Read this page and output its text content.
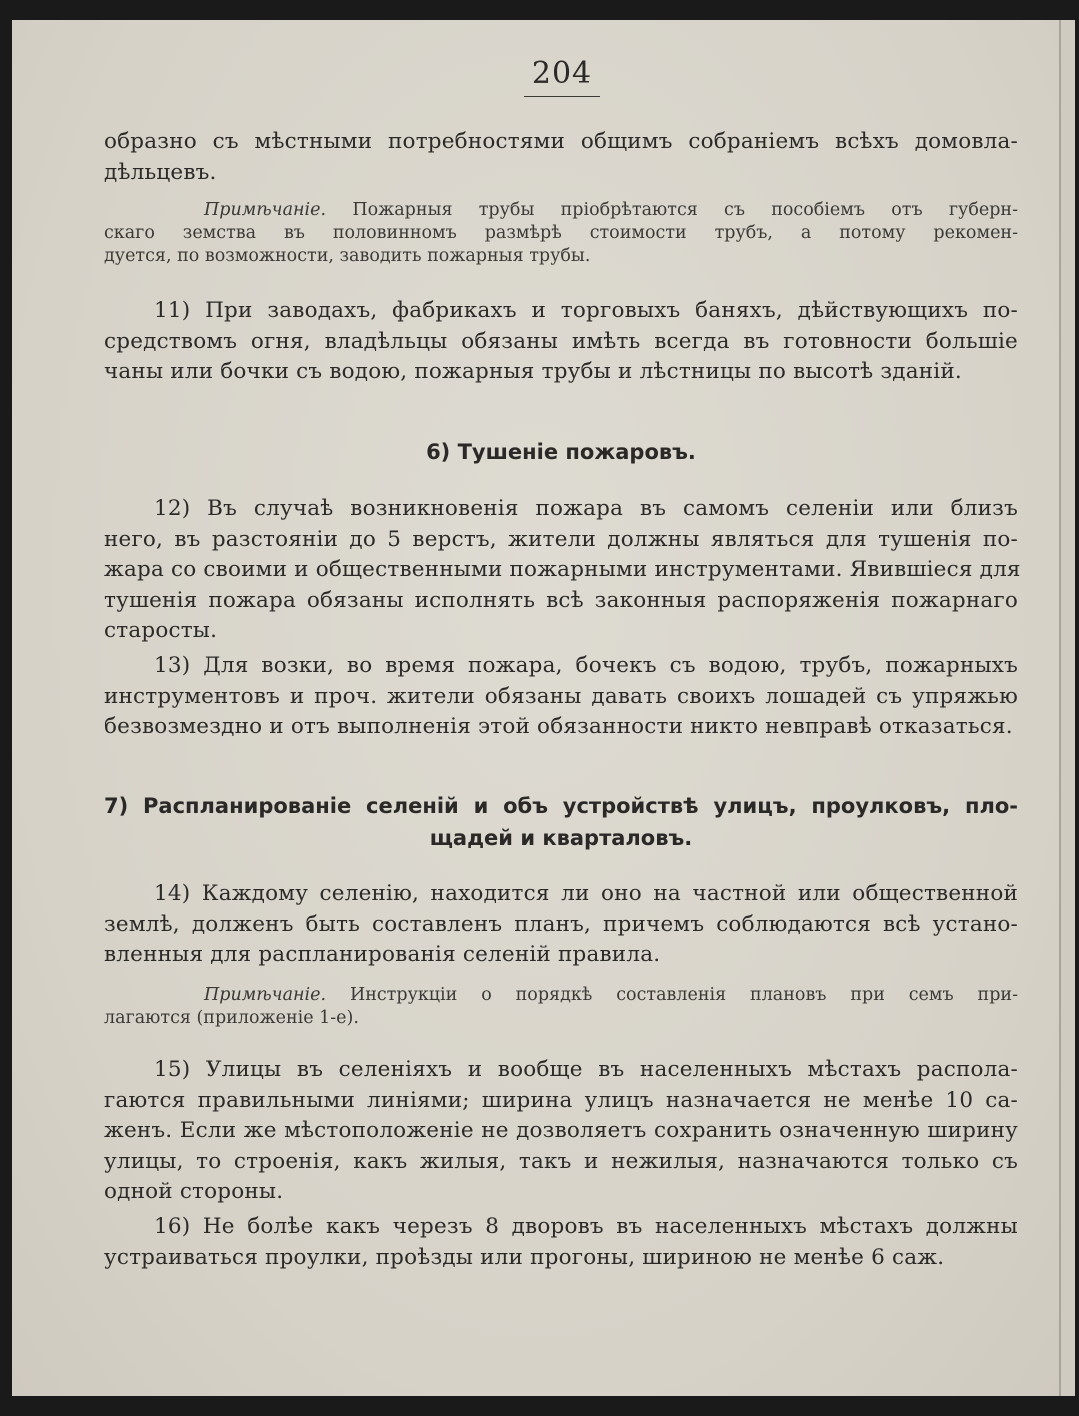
204
образно съ мѣстными потребностями общимъ собраніемъ всѣхъ домовла-
дѣльцевъ.
Примѣчаніе. Пожарныя трубы пріобрѣтаются съ пособіемъ отъ губерн-
скаго земства въ половинномъ размѣрѣ стоимости трубъ, а потому рекомен-
дуется, по возможности, заводить пожарныя трубы.
11) При заводахъ, фабрикахъ и торговыхъ баняхъ, дѣйствующихъ по-
средствомъ огня, владѣльцы обязаны имѣть всегда въ готовности большіе
чаны или бочки съ водою, пожарныя трубы и лѣстницы по высотѣ зданій.
6) Тушеніе пожаровъ.
12) Въ случаѣ возникновенія пожара въ самомъ селеніи или близъ
него, въ разстояніи до 5 верстъ, жители должны являться для тушенія по-
жара со своими и общественными пожарными инструментами. Явившіеся для
тушенія пожара обязаны исполнять всѣ законныя распоряженія пожарнаго
старосты.
13) Для возки, во время пожара, бочекъ съ водою, трубъ, пожарныхъ
инструментовъ и проч. жители обязаны давать своихъ лошадей съ упряжью
безвозмездно и отъ выполненія этой обязанности никто невправѣ отказаться.
7) Распланированіе селеній и объ устройствѣ улицъ, проулковъ, пло-
щадей и кварталовъ.
14) Каждому селенію, находится ли оно на частной или общественной
землѣ, долженъ быть составленъ планъ, причемъ соблюдаются всѣ устано-
вленныя для распланированія селеній правила.
Примѣчаніе. Инструкціи о порядкѣ составленія плановъ при семъ при-
лагаются (приложеніе 1-е).
15) Улицы въ селеніяхъ и вообще въ населенныхъ мѣстахъ распола-
гаются правильными линіями; ширина улицъ назначается не менѣе 10 са-
женъ. Если же мѣстоположеніе не дозволяетъ сохранить означенную ширину
улицы, то строенія, какъ жилыя, такъ и нежилыя, назначаются только съ
одной стороны.
16) Не болѣе какъ черезъ 8 дворовъ въ населенныхъ мѣстахъ должны
устраиваться проулки, проѣзды или прогоны, шириною не менѣе 6 саж.
